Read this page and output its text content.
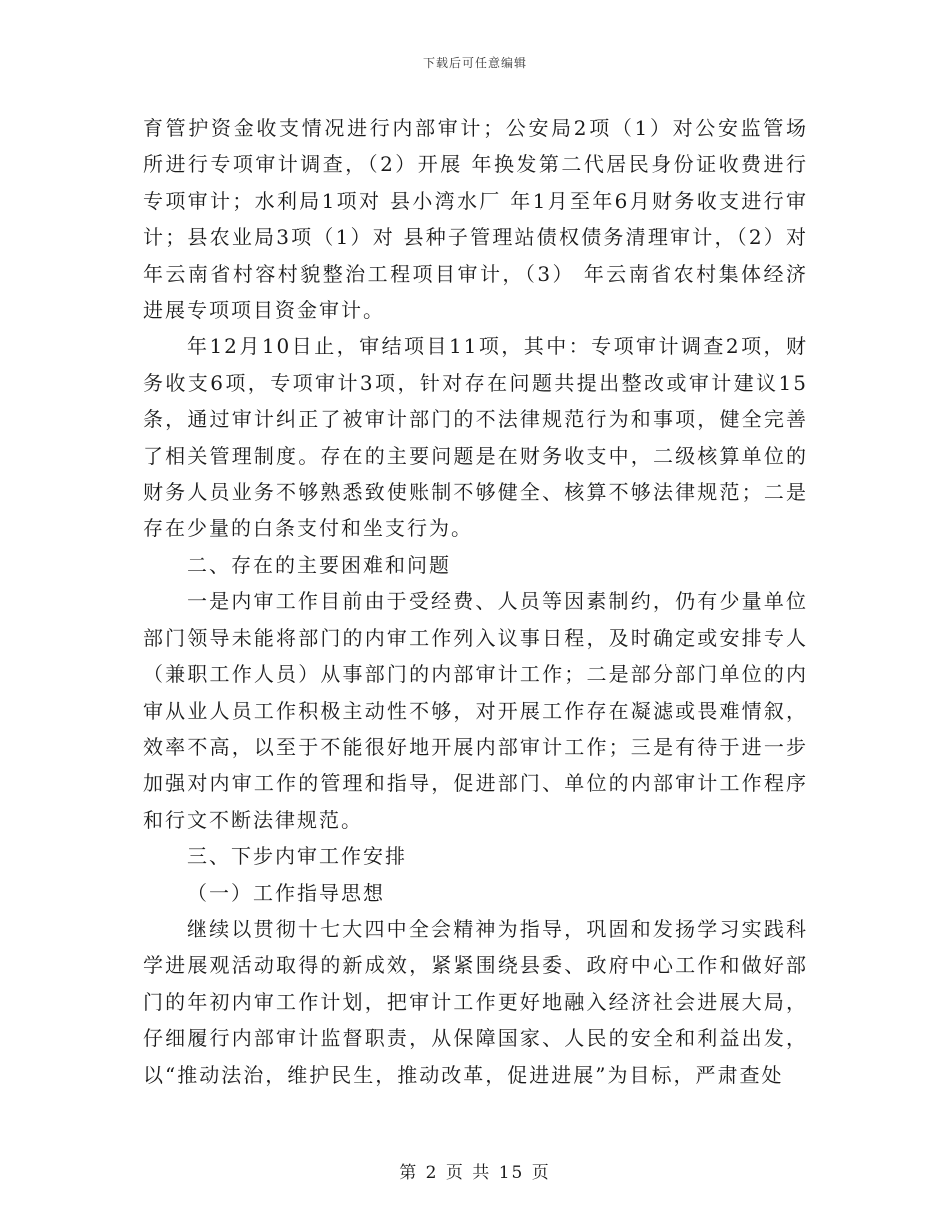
下载后可任意编辑

育管护资金收支情况进行内部审计；公安局2项（1）对公安监管场所进行专项审计调查，（2）开展 年换发第二代居民身份证收费进行专项审计；水利局1项对 县小湾水厂 年1月至年6月财务收支进行审计；县农业局3项（1）对 县种子管理站债权债务清理审计，（2）对 年云南省村容村貌整治工程项目审计，（3） 年云南省农村集体经济进展专项项目资金审计。

年12月10日止，审结项目11项，其中：专项审计调查2项，财务收支6项，专项审计3项，针对存在问题共提出整改或审计建议15条，通过审计纠正了被审计部门的不法律规范行为和事项，健全完善了相关管理制度。存在的主要问题是在财务收支中，二级核算单位的财务人员业务不够熟悉致使账制不够健全、核算不够法律规范；二是存在少量的白条支付和坐支行为。

二、存在的主要困难和问题

一是内审工作目前由于受经费、人员等因素制约，仍有少量单位部门领导未能将部门的内审工作列入议事日程，及时确定或安排专人（兼职工作人员）从事部门的内部审计工作；二是部分部门单位的内审从业人员工作积极主动性不够，对开展工作存在凝滤或畏难情叙，效率不高，以至于不能很好地开展内部审计工作；三是有待于进一步加强对内审工作的管理和指导，促进部门、单位的内部审计工作程序和行文不断法律规范。

三、下步内审工作安排

（一）工作指导思想

继续以贯彻十七大四中全会精神为指导，巩固和发扬学习实践科学进展观活动取得的新成效，紧紧围绕县委、政府中心工作和做好部门的年初内审工作计划，把审计工作更好地融入经济社会进展大局，仔细履行内部审计监督职责，从保障国家、人民的安全和利益出发，以“推动法治，维护民生，推动改革，促进进展”为目标，严肃查处

第 2 页 共 15 页
